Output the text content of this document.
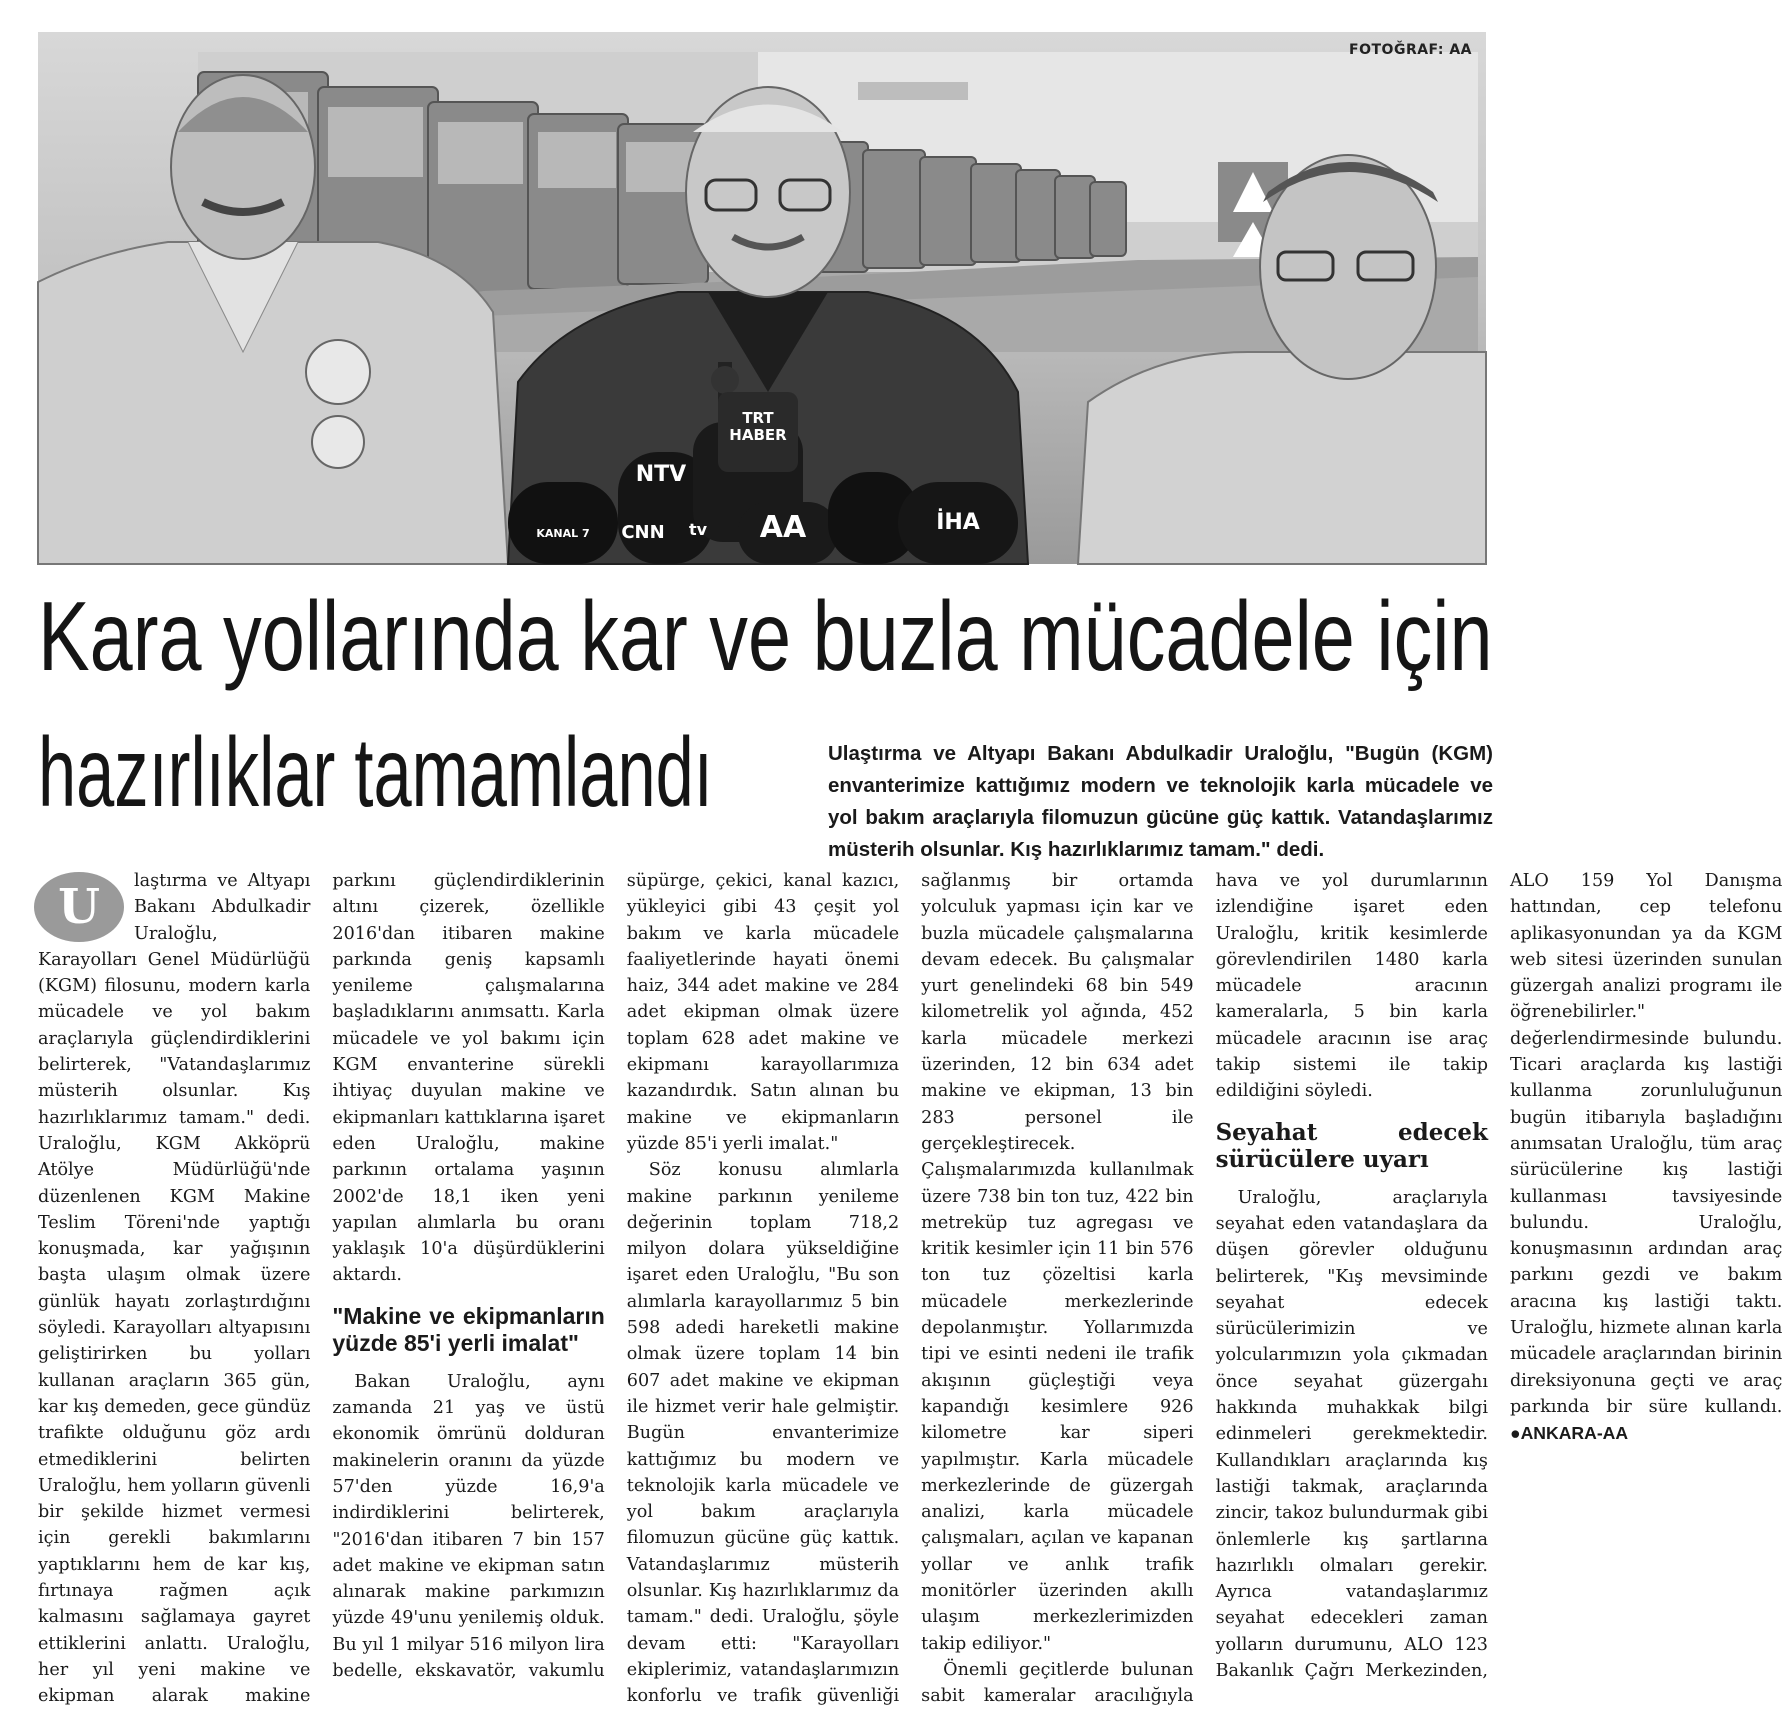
KANAL 7
NTV
TRT HABER
CNN	tv	AA	İHA
FOTOĞRAF: AA
Kara yollarında kar ve buzla mücadele için
hazırlıklar tamamlandı	Ulaştırma ve Altyapı Bakanı Abdulkadir Uraloğlu, "Bugün (KGM) envanterimize kattığımız modern ve teknolojik karla mücadele ve yol bakım araçlarıyla filomuzun gücüne güç kattık. Vatandaşlarımız müsterih olsunlar. Kış hazırlıklarımız tamam." dedi.

U	laştırma ve Altyapı Bakanı Abdulkadir Uraloğlu, Karayolları Genel Müdürlüğü (KGM) filosunu, modern karla mücadele ve yol bakım araçlarıyla güçlendirdiklerini belirterek, "Vatandaşlarımız müsterih olsunlar. Kış hazırlıklarımız tamam." dedi. Uraloğlu, KGM Akköprü Atölye Müdürlüğü'nde düzenlenen KGM Makine Teslim Töreni'nde yaptığı konuşmada, kar yağışının başta ulaşım olmak üzere günlük hayatı zorlaştırdığını söyledi. Karayolları altyapısını geliştirirken bu yolları kullanan araçların 365 gün, kar kış demeden, gece gündüz trafikte olduğunu göz ardı etmediklerini belirten Uraloğlu, hem yolların güvenli bir şekilde hizmet vermesi için gerekli bakımlarını yaptıklarını hem de kar kış, fırtınaya rağmen açık kalmasını sağlamaya gayret ettiklerini anlattı. Uraloğlu, her yıl yeni makine ve ekipman alarak makine parkını güçlendirdiklerinin altını çizerek, özellikle 2016'dan itibaren makine parkında geniş kapsamlı yenileme çalışmalarına başladıklarını anımsattı. Karla mücadele ve yol bakımı için KGM envanterine sürekli ihtiyaç duyulan makine ve ekipmanları kattıklarına işaret eden Uraloğlu, makine parkının ortalama yaşının 2002'de 18,1 iken yeni yapılan alımlarla bu oranı yaklaşık 10'a düşürdüklerini aktardı.

"Makine ve ekipmanların yüzde 85'i yerli imalat"

Bakan Uraloğlu, aynı zamanda 21 yaş ve üstü ekonomik ömrünü dolduran makinelerin oranını da yüzde 57'den yüzde 16,9'a indirdiklerini belirterek, "2016'dan itibaren 7 bin 157 adet makine ve ekipman satın alınarak makine parkımızın yüzde 49'unu yenilemiş olduk. Bu yıl 1 milyar 516 milyon lira bedelle, ekskavatör, vakumlu süpürge, çekici, kanal kazıcı, yükleyici gibi 43 çeşit yol bakım ve karla mücadele faaliyetlerinde hayati önemi haiz, 344 adet makine ve 284 adet ekipman olmak üzere toplam 628 adet makine ve ekipmanı karayollarımıza kazandırdık. Satın alınan bu makine ve ekipmanların yüzde 85'i yerli imalat."

Söz konusu alımlarla makine parkının yenileme değerinin toplam 718,2 milyon dolara yükseldiğine işaret eden Uraloğlu, "Bu son alımlarla karayollarımız 5 bin 598 adedi hareketli makine olmak üzere toplam 14 bin 607 adet makine ve ekipman ile hizmet verir hale gelmiştir. Bugün envanterimize kattığımız bu modern ve teknolojik karla mücadele ve yol bakım araçlarıyla filomuzun gücüne güç kattık. Vatandaşlarımız müsterih olsunlar. Kış hazırlıklarımız da tamam." dedi. Uraloğlu, şöyle devam etti: "Karayolları ekiplerimiz, vatandaşlarımızın konforlu ve trafik güvenliği sağlanmış bir ortamda yolculuk yapması için kar ve buzla mücadele çalışmalarına devam edecek. Bu çalışmalar yurt genelindeki 68 bin 549 kilometrelik yol ağında, 452 karla mücadele merkezi üzerinden, 12 bin 634 adet makine ve ekipman, 13 bin 283 personel ile gerçekleştirecek. Çalışmalarımızda kullanılmak üzere 738 bin ton tuz, 422 bin metreküp tuz agregası ve kritik kesimler için 11 bin 576 ton tuz çözeltisi karla mücadele merkezlerinde depolanmıştır. Yollarımızda tipi ve esinti nedeni ile trafik akışının güçleştiği veya kapandığı kesimlere 926 kilometre kar siperi yapılmıştır. Karla mücadele merkezlerinde de güzergah analizi, karla mücadele çalışmaları, açılan ve kapanan yollar ve anlık trafik monitörler üzerinden akıllı ulaşım merkezlerimizden takip ediliyor."

Önemli geçitlerde bulunan sabit kameralar aracılığıyla hava ve yol durumlarının izlendiğine işaret eden Uraloğlu, kritik kesimlerde görevlendirilen 1480 karla mücadele aracının kameralarla, 5 bin karla mücadele aracının ise araç takip sistemi ile takip edildiğini söyledi.

Seyahat edecek sürücülere uyarı

Uraloğlu, araçlarıyla seyahat eden vatandaşlara da düşen görevler olduğunu belirterek, "Kış mevsiminde seyahat edecek sürücülerimizin ve yolcularımızın yola çıkmadan önce seyahat güzergahı hakkında muhakkak bilgi edinmeleri gerekmektedir. Kullandıkları araçlarında kış lastiği takmak, araçlarında zincir, takoz bulundurmak gibi önlemlerle kış şartlarına hazırlıklı olmaları gerekir. Ayrıca vatandaşlarımız seyahat edecekleri zaman yolların durumunu, ALO 123 Bakanlık Çağrı Merkezinden, ALO 159 Yol Danışma hattından, cep telefonu aplikasyonundan ya da KGM web sitesi üzerinden sunulan güzergah analizi programı ile öğrenebilirler." değerlendirmesinde bulundu. Ticari araçlarda kış lastiği kullanma zorunluluğunun bugün itibarıyla başladığını anımsatan Uraloğlu, tüm araç sürücülerine kış lastiği kullanması tavsiyesinde bulundu. Uraloğlu, konuşmasının ardından araç parkını gezdi ve bakım aracına kış lastiği taktı. Uraloğlu, hizmete alınan karla mücadele araçlarından birinin direksiyonuna geçti ve araç parkında bir süre kullandı. ●ANKARA-AA
